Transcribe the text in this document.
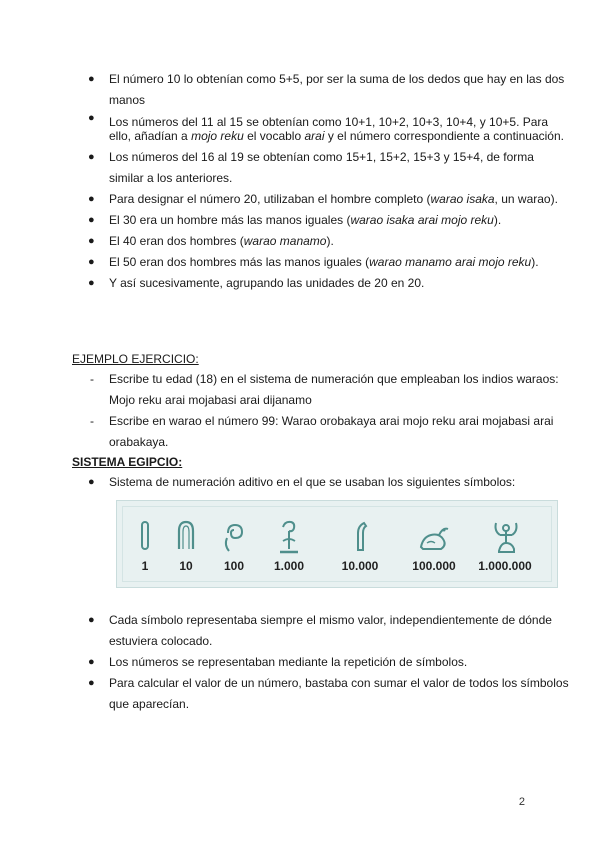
● El número 10 lo obtenían como 5+5, por ser la suma de los dedos que hay en las dos manos
● Los números del 11 al 15 se obtenían como 10+1, 10+2, 10+3, 10+4, y 10+5. Para ello, añadían a mojo reku el vocablo arai y el número correspondiente a continuación.
● Los números del 16 al 19 se obtenían como 15+1, 15+2, 15+3 y 15+4, de forma similar a los anteriores.
● Para designar el número 20, utilizaban el hombre completo (warao isaka, un warao).
● El 30 era un hombre más las manos iguales (warao isaka arai mojo reku).
● El 40 eran dos hombres (warao manamo).
● El 50 eran dos hombres más las manos iguales (warao manamo arai mojo reku).
● Y así sucesivamente, agrupando las unidades de 20 en 20.
EJEMPLO EJERCICIO:
- Escribe tu edad (18) en el sistema de numeración que empleaban los indios waraos: Mojo reku arai mojabasi arai dijanamo
- Escribe en warao el número 99: Warao orobakaya arai mojo reku arai mojabasi arai orabakaya.
SISTEMA EGIPCIO:
● Sistema de numeración aditivo en el que se usaban los siguientes símbolos:
1	10	100	1.000	10.000	100.000	1.000.000
● Cada símbolo representaba siempre el mismo valor, independientemente de dónde estuviera colocado.
● Los números se representaban mediante la repetición de símbolos.
● Para calcular el valor de un número, bastaba con sumar el valor de todos los símbolos que aparecían.
2
